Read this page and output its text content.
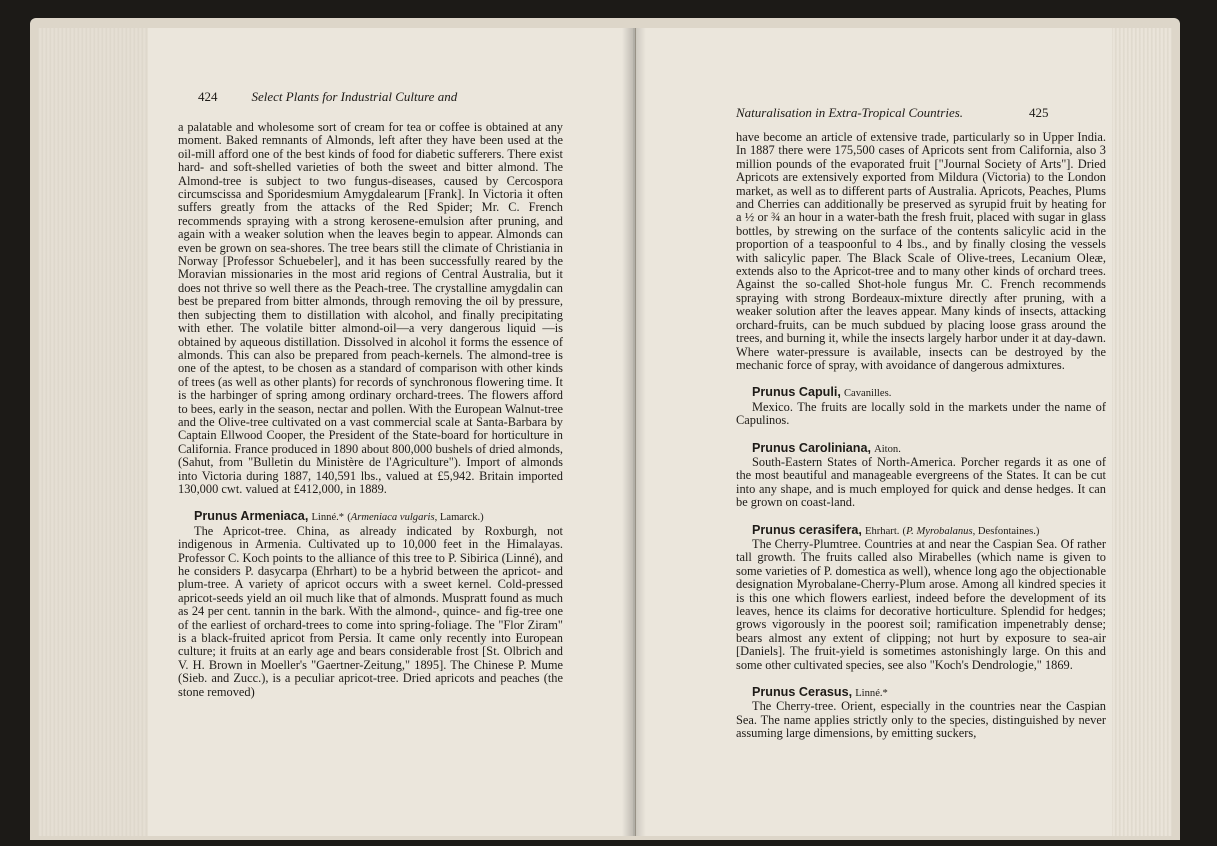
424	Select Plants for Industrial Culture and

a palatable and wholesome sort of cream for tea or coffee is obtained at any moment. Baked remnants of Almonds, left after they have been used at the oil-mill afford one of the best kinds of food for diabetic sufferers. There exist hard- and soft-shelled varieties of both the sweet and bitter almond. The Almond-tree is subject to two fungus-diseases, caused by Cercospora circumscissa and Sporidesmium Amygdalearum [Frank]. In Victoria it often suffers greatly from the attacks of the Red Spider; Mr. C. French recommends spraying with a strong kerosene-emulsion after pruning, and again with a weaker solution when the leaves begin to appear. Almonds can even be grown on sea-shores. The tree bears still the climate of Christiania in Norway [Professor Schuebeler], and it has been successfully reared by the Moravian missionaries in the most arid regions of Central Australia, but it does not thrive so well there as the Peach-tree. The crystalline amygdalin can best be prepared from bitter almonds, through removing the oil by pressure, then subjecting them to distillation with alcohol, and finally precipitating with ether. The volatile bitter almond-oil—a very dangerous liquid —is obtained by aqueous distillation. Dissolved in alcohol it forms the essence of almonds. This can also be prepared from peach-kernels. The almond-tree is one of the aptest, to be chosen as a standard of comparison with other kinds of trees (as well as other plants) for records of synchronous flowering time. It is the harbinger of spring among ordinary orchard-trees. The flowers afford to bees, early in the season, nectar and pollen. With the European Walnut-tree and the Olive-tree cultivated on a vast commercial scale at Santa-Barbara by Captain Ellwood Cooper, the President of the State-board for horticulture in California. France produced in 1890 about 800,000 bushels of dried almonds, (Sahut, from "Bulletin du Ministère de l'Agriculture"). Import of almonds into Victoria during 1887, 140,591 lbs., valued at £5,942. Britain imported 130,000 cwt. valued at £412,000, in 1889.

Prunus Armeniaca, Linné.* (Armeniaca vulgaris, Lamarck.)

The Apricot-tree. China, as already indicated by Roxburgh, not indigenous in Armenia. Cultivated up to 10,000 feet in the Himalayas. Professor C. Koch points to the alliance of this tree to P. Sibirica (Linné), and he considers P. dasycarpa (Ehrhart) to be a hybrid between the apricot- and plum-tree. A variety of apricot occurs with a sweet kernel. Cold-pressed apricot-seeds yield an oil much like that of almonds. Muspratt found as much as 24 per cent. tannin in the bark. With the almond-, quince- and fig-tree one of the earliest of orchard-trees to come into spring-foliage. The "Flor Ziram" is a black-fruited apricot from Persia. It came only recently into European culture; it fruits at an early age and bears considerable frost [St. Olbrich and V. H. Brown in Moeller's "Gaertner-Zeitung," 1895]. The Chinese P. Mume (Sieb. and Zucc.), is a peculiar apricot-tree. Dried apricots and peaches (the stone removed)

Naturalisation in Extra-Tropical Countries.	425

have become an article of extensive trade, particularly so in Upper India. In 1887 there were 175,500 cases of Apricots sent from California, also 3 million pounds of the evaporated fruit ["Journal Society of Arts"]. Dried Apricots are extensively exported from Mildura (Victoria) to the London market, as well as to different parts of Australia. Apricots, Peaches, Plums and Cherries can additionally be preserved as syrupid fruit by heating for a ½ or ¾ an hour in a water-bath the fresh fruit, placed with sugar in glass bottles, by strewing on the surface of the contents salicylic acid in the proportion of a teaspoonful to 4 lbs., and by finally closing the vessels with salicylic paper. The Black Scale of Olive-trees, Lecanium Oleæ, extends also to the Apricot-tree and to many other kinds of orchard trees. Against the so-called Shot-hole fungus Mr. C. French recommends spraying with strong Bordeaux-mixture directly after pruning, with a weaker solution after the leaves appear. Many kinds of insects, attacking orchard-fruits, can be much subdued by placing loose grass around the trees, and burning it, while the insects largely harbor under it at day-dawn. Where water-pressure is available, insects can be destroyed by the mechanic force of spray, with avoidance of dangerous admixtures.

Prunus Capuli, Cavanilles.

Mexico. The fruits are locally sold in the markets under the name of Capulinos.

Prunus Caroliniana, Aiton.

South-Eastern States of North-America. Porcher regards it as one of the most beautiful and manageable evergreens of the States. It can be cut into any shape, and is much employed for quick and dense hedges. It can be grown on coast-land.

Prunus cerasifera, Ehrhart. (P. Myrobalanus, Desfontaines.)

The Cherry-Plumtree. Countries at and near the Caspian Sea. Of rather tall growth. The fruits called also Mirabelles (which name is given to some varieties of P. domestica as well), whence long ago the objectionable designation Myrobalane-Cherry-Plum arose. Among all kindred species it is this one which flowers earliest, indeed before the development of its leaves, hence its claims for decorative horticulture. Splendid for hedges; grows vigorously in the poorest soil; ramification impenetrably dense; bears almost any extent of clipping; not hurt by exposure to sea-air [Daniels]. The fruit-yield is sometimes astonishingly large. On this and some other cultivated species, see also "Koch's Dendrologie," 1869.

Prunus Cerasus, Linné.*

The Cherry-tree. Orient, especially in the countries near the Caspian Sea. The name applies strictly only to the species, distinguished by never assuming large dimensions, by emitting suckers,
